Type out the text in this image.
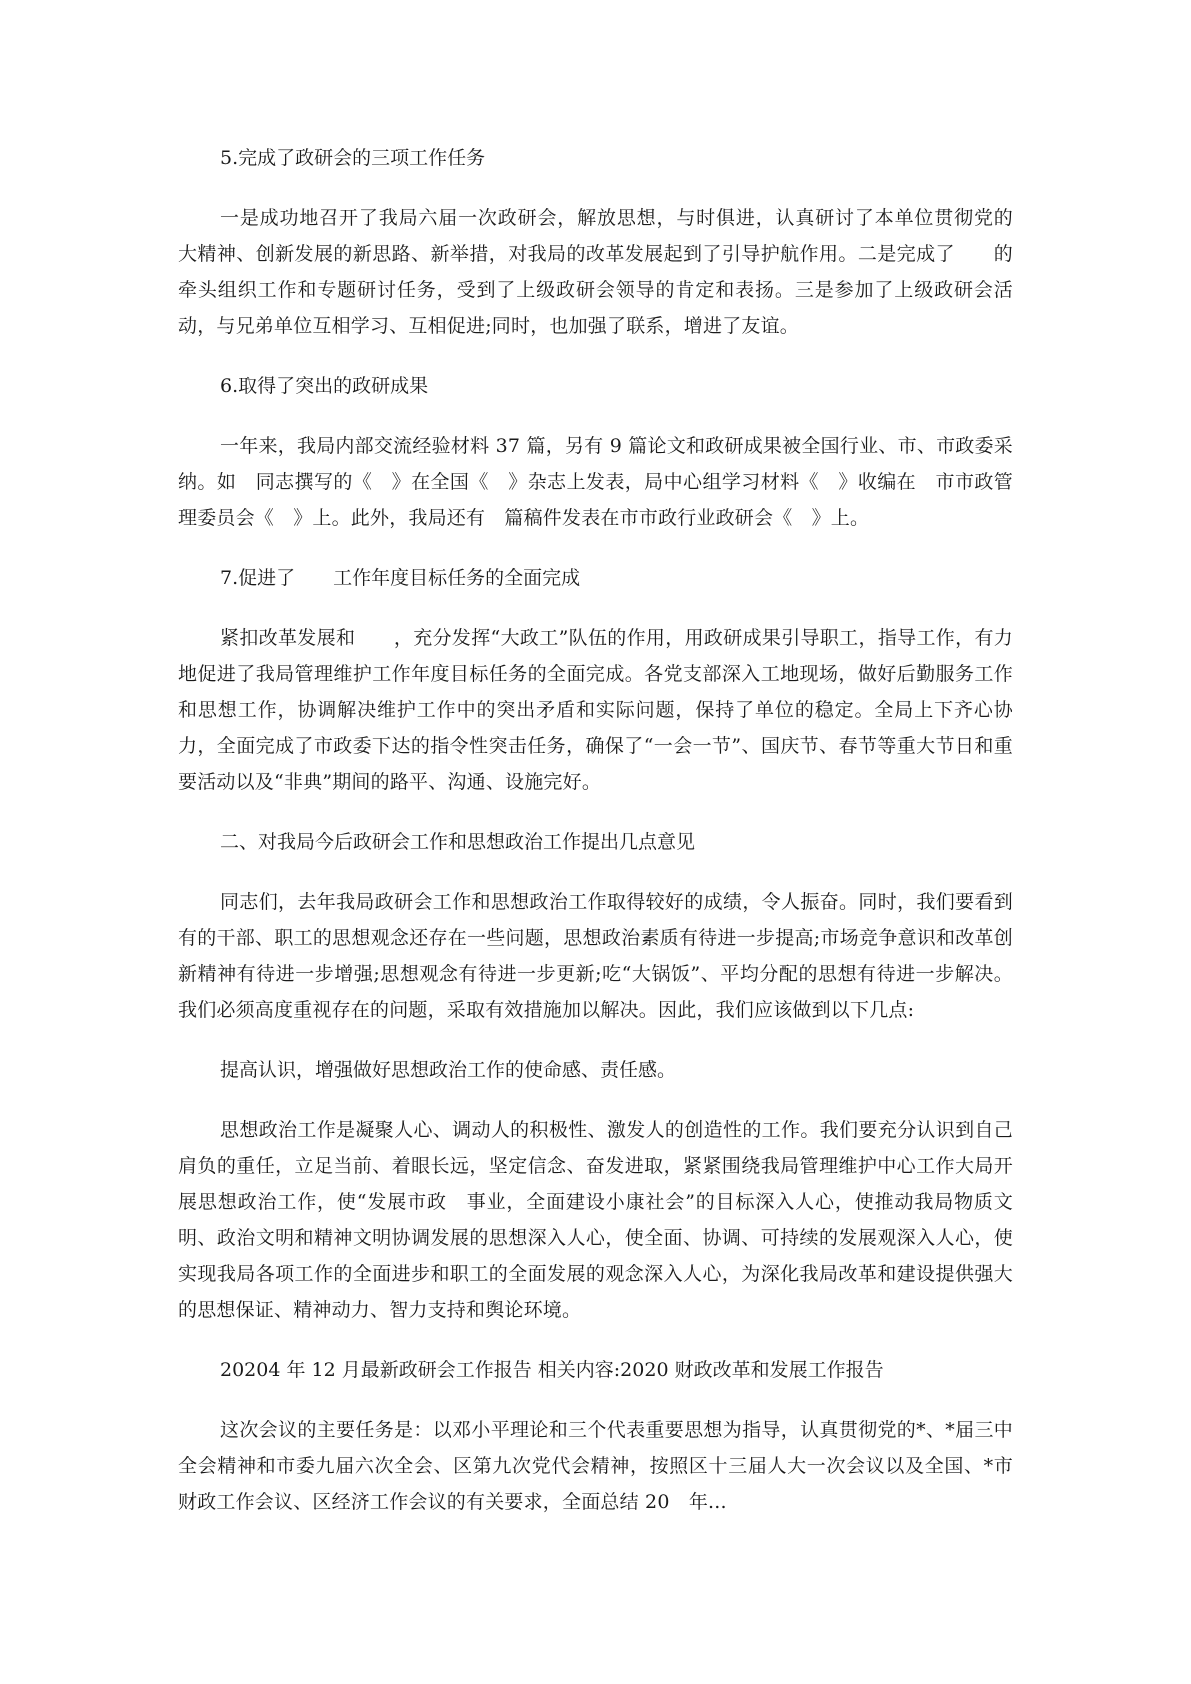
5.完成了政研会的三项工作任务

一是成功地召开了我局六届一次政研会，解放思想，与时俱进，认真研讨了本单位贯彻党的　大精神、创新发展的新思路、新举措，对我局的改革发展起到了引导护航作用。二是完成了　　的牵头组织工作和专题研讨任务，受到了上级政研会领导的肯定和表扬。三是参加了上级政研会活动，与兄弟单位互相学习、互相促进;同时，也加强了联系，增进了友谊。

6.取得了突出的政研成果

一年来，我局内部交流经验材料 37 篇，另有 9 篇论文和政研成果被全国行业、市、市政委采纳。如　同志撰写的《　》在全国《　》杂志上发表，局中心组学习材料《　》收编在　市市政管理委员会《　》上。此外，我局还有　篇稿件发表在市市政行业政研会《　》上。

7.促进了　　工作年度目标任务的全面完成

紧扣改革发展和　　，充分发挥“大政工”队伍的作用，用政研成果引导职工，指导工作，有力地促进了我局管理维护工作年度目标任务的全面完成。各党支部深入工地现场，做好后勤服务工作和思想工作，协调解决维护工作中的突出矛盾和实际问题，保持了单位的稳定。全局上下齐心协力，全面完成了市政委下达的指令性突击任务，确保了“一会一节”、国庆节、春节等重大节日和重要活动以及“非典”期间的路平、沟通、设施完好。

二、对我局今后政研会工作和思想政治工作提出几点意见

同志们，去年我局政研会工作和思想政治工作取得较好的成绩，令人振奋。同时，我们要看到有的干部、职工的思想观念还存在一些问题，思想政治素质有待进一步提高;市场竞争意识和改革创新精神有待进一步增强;思想观念有待进一步更新;吃“大锅饭”、平均分配的思想有待进一步解决。我们必须高度重视存在的问题，采取有效措施加以解决。因此，我们应该做到以下几点:

提高认识，增强做好思想政治工作的使命感、责任感。

思想政治工作是凝聚人心、调动人的积极性、激发人的创造性的工作。我们要充分认识到自己肩负的重任，立足当前、着眼长远，坚定信念、奋发进取，紧紧围绕我局管理维护中心工作大局开展思想政治工作，使“发展市政　事业，全面建设小康社会”的目标深入人心，使推动我局物质文明、政治文明和精神文明协调发展的思想深入人心，使全面、协调、可持续的发展观深入人心，使实现我局各项工作的全面进步和职工的全面发展的观念深入人心，为深化我局改革和建设提供强大的思想保证、精神动力、智力支持和舆论环境。

20204 年 12 月最新政研会工作报告 相关内容:2020 财政改革和发展工作报告

这次会议的主要任务是：以邓小平理论和三个代表重要思想为指导，认真贯彻党的*、*届三中全会精神和市委九届六次全会、区第九次党代会精神，按照区十三届人大一次会议以及全国、*市财政工作会议、区经济工作会议的有关要求，全面总结 20　年...
